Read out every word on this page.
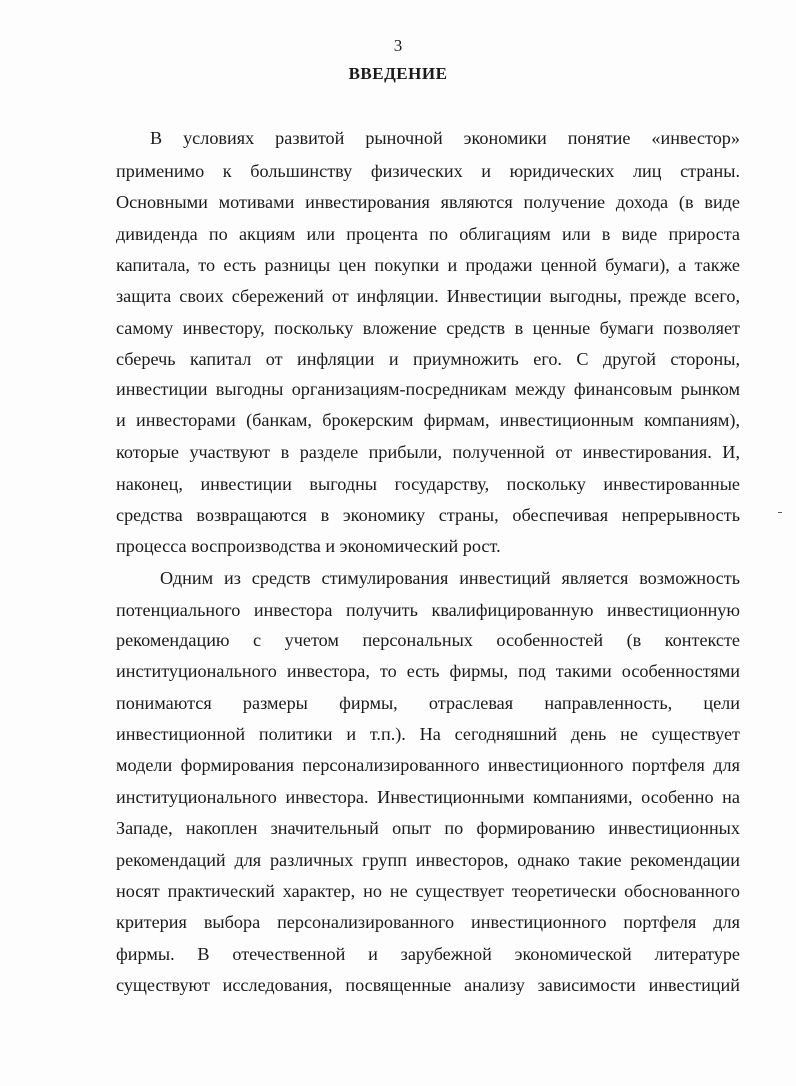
3
ВВЕДЕНИЕ
В условиях развитой рыночной экономики понятие «инвестор»
применимо к большинству физических и юридических лиц страны.
Основными мотивами инвестирования являются получение дохода (в виде
дивиденда по акциям или процента по облигациям или в виде прироста
капитала, то есть разницы цен покупки и продажи ценной бумаги), а также
защита своих сбережений от инфляции. Инвестиции выгодны, прежде всего,
самому инвестору, поскольку вложение средств в ценные бумаги позволяет
сберечь капитал от инфляции и приумножить его. С другой стороны,
инвестиции выгодны организациям-посредникам между финансовым рынком
и инвесторами (банкам, брокерским фирмам, инвестиционным компаниям),
которые участвуют в разделе прибыли, полученной от инвестирования. И,
наконец, инвестиции выгодны государству, поскольку инвестированные
средства возвращаются в экономику страны, обеспечивая непрерывность
процесса воспроизводства и экономический рост.
Одним из средств стимулирования инвестиций является возможность
потенциального инвестора получить квалифицированную инвестиционную
рекомендацию с учетом персональных особенностей (в контексте
институционального инвестора, то есть фирмы, под такими особенностями
понимаются размеры фирмы, отраслевая направленность, цели
инвестиционной политики и т.п.). На сегодняшний день не существует
модели формирования персонализированного инвестиционного портфеля для
институционального инвестора. Инвестиционными компаниями, особенно на
Западе, накоплен значительный опыт по формированию инвестиционных
рекомендаций для различных групп инвесторов, однако такие рекомендации
носят практический характер, но не существует теоретически обоснованного
критерия выбора персонализированного инвестиционного портфеля для
фирмы. В отечественной и зарубежной экономической литературе
существуют исследования, посвященные анализу зависимости инвестиций
